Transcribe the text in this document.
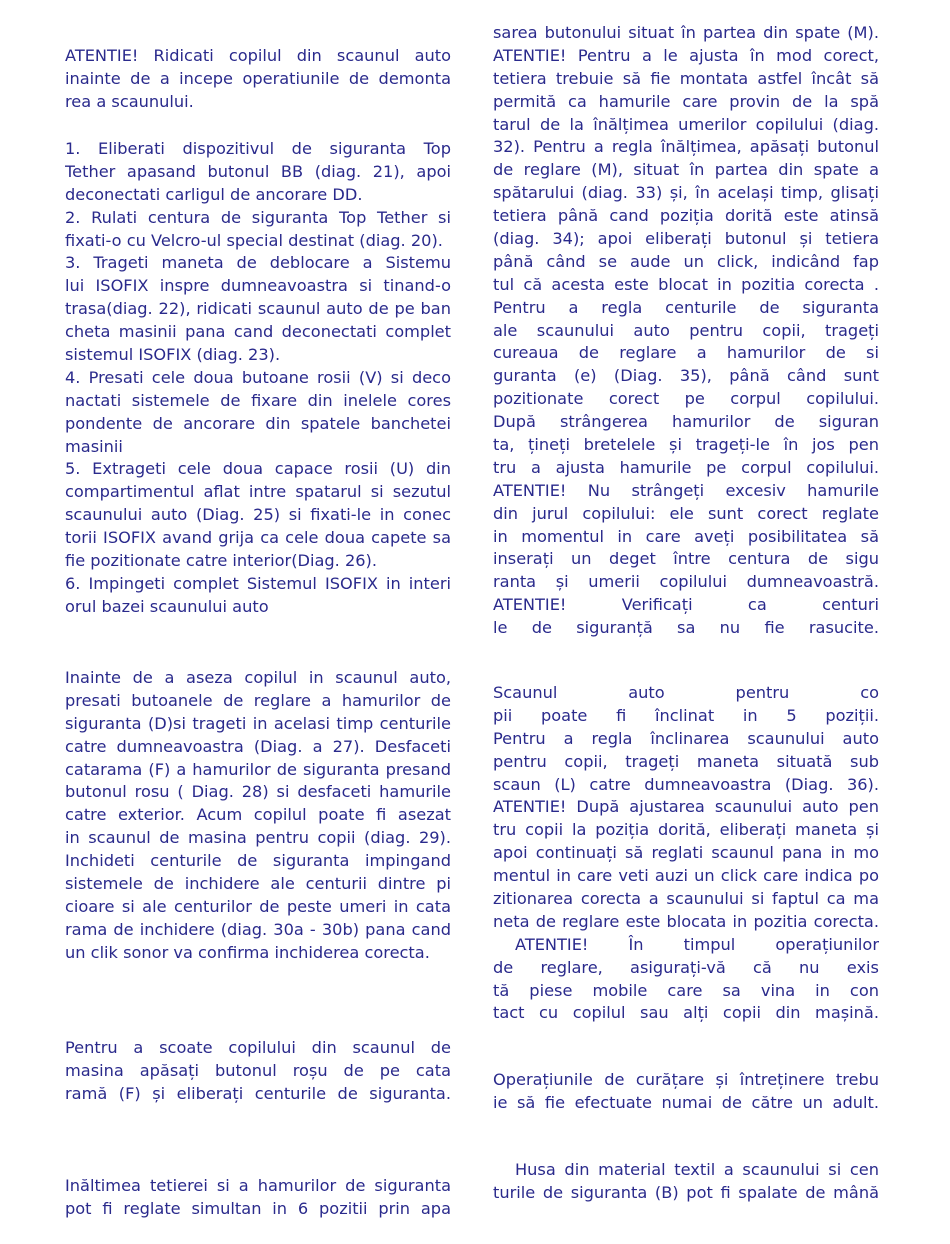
ATENTIE! Ridicati copilul din scaunul auto
inainte de a incepe operatiunile de demonta
rea a scaunului.
1. Eliberati dispozitivul de siguranta Top
Tether apasand butonul BB (diag. 21), apoi
deconectati carligul de ancorare DD.
2. Rulati centura de siguranta Top Tether si
fixati-o cu Velcro-ul special destinat (diag. 20).
3. Trageti maneta de deblocare a Sistemu
lui ISOFIX inspre dumneavoastra si tinand-o
trasa(diag. 22), ridicati scaunul auto de pe ban
cheta masinii pana cand deconectati complet
sistemul ISOFIX (diag. 23).
4. Presati cele doua butoane rosii (V) si deco
nactati sistemele de fixare din inelele cores
pondente de ancorare din spatele banchetei
masinii
5. Extrageti cele doua capace rosii (U) din
compartimentul aflat intre spatarul si sezutul
scaunului auto (Diag. 25) si fixati-le in conec
torii ISOFIX avand grija ca cele doua capete sa
fie pozitionate catre interior(Diag. 26).
6. Impingeti complet Sistemul ISOFIX in interi
orul bazei scaunului auto
Inainte de a aseza copilul in scaunul auto,
presati butoanele de reglare a hamurilor de
siguranta (D)si trageti in acelasi timp centurile
catre dumneavoastra (Diag. a 27). Desfaceti
catarama (F) a hamurilor de siguranta presand
butonul rosu ( Diag. 28) si desfaceti hamurile
catre exterior. Acum copilul poate fi asezat
in scaunul de masina pentru copii (diag. 29).
Inchideti centurile de siguranta impingand
sistemele de inchidere ale centurii dintre pi
cioare si ale centurilor de peste umeri in cata
rama de inchidere (diag. 30a - 30b) pana cand
un clik sonor va confirma inchiderea corecta.
Pentru a scoate copilului din scaunul de
masina apăsați butonul roșu de pe cata
ramă (F) și eliberați centurile de siguranta.
Inăltimea tetierei si a hamurilor de siguranta
pot fi reglate simultan in 6 pozitii prin apa
sarea butonului situat în partea din spate (M).
ATENTIE! Pentru a le ajusta în mod corect,
tetiera trebuie să fie montata astfel încât să
permită ca hamurile care provin de la spă
tarul de la înălțimea umerilor copilului (diag.
32). Pentru a regla înălțimea, apăsați butonul
de reglare (M), situat în partea din spate a
spătarului (diag. 33) și, în același timp, glisați
tetiera până cand poziția dorită este atinsă
(diag. 34); apoi eliberați butonul și tetiera
până când se aude un click, indicând fap
tul că acesta este blocat in pozitia corecta .
Pentru a regla centurile de siguranta
ale scaunului auto pentru copii, trageți
cureaua de reglare a hamurilor de si
guranta (e) (Diag. 35), până când sunt
pozitionate corect pe corpul copilului.
După strângerea hamurilor de siguran
ta, țineți bretelele și trageți-le în jos pen
tru a ajusta hamurile pe corpul copilului.
ATENTIE! Nu strângeți excesiv hamurile
din jurul copilului: ele sunt corect reglate
in momentul in care aveți posibilitatea să
inserați un deget între centura de sigu
ranta și umerii copilului dumneavoastră.
ATENTIE! Verificați ca centuri
le de siguranță sa nu fie rasucite.
Scaunul auto pentru co
pii poate fi înclinat in 5 poziții.
Pentru a regla înclinarea scaunului auto
pentru copii, trageți maneta situată sub
scaun (L) catre dumneavoastra (Diag. 36).
ATENTIE! După ajustarea scaunului auto pen
tru copii la poziția dorită, eliberați maneta și
apoi continuați să reglati scaunul pana in mo
mentul in care veti auzi un click care indica po
zitionarea corecta a scaunului si faptul ca ma
neta de reglare este blocata in pozitia corecta.
ATENTIE! În timpul operațiunilor
de reglare, asigurați-vă că nu exis
tă piese mobile care sa vina in con
tact cu copilul sau alți copii din mașină.
Operațiunile de curățare și întreținere trebu
ie să fie efectuate numai de către un adult.
Husa din material textil a scaunului si cen
turile de siguranta (B) pot fi spalate de mână
